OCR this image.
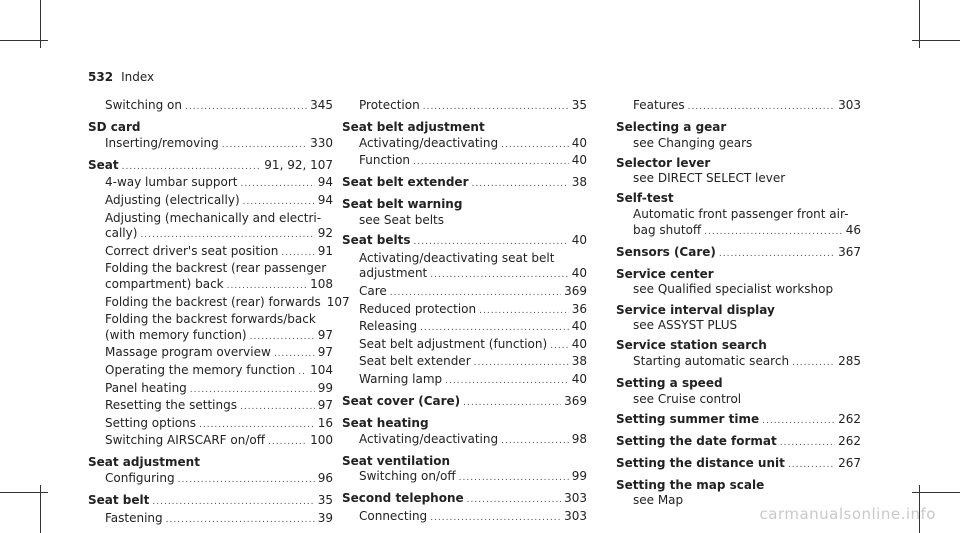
532 Index
Switching on .....	345
SD card
Inserting/removing .....	330
Seat .....	91, 92, 107
4-way lumbar support .....	94
Adjusting (electrically) .....	94
Adjusting (mechanically and electri-
cally) .....	92
Correct driver's seat position .....	91
Folding the backrest (rear passenger
compartment) back .....	108
Folding the backrest (rear) forwards 107
Folding the backrest forwards/back
(with memory function) .....	97
Massage program overview .....	97
Operating the memory function ..... 104
Panel heating .....	99
Resetting the settings .....	97
Setting options .....	16
Switching AIRSCARF on/off .....	100
Seat adjustment
Configuring .....	96
Seat belt .....	35
Fastening .....	39
Protection .....	35
Seat belt adjustment
Activating/deactivating .....	40
Function .....	40
Seat belt extender .....	38
Seat belt warning
see Seat belts
Seat belts .....	40
Activating/deactivating seat belt
adjustment .....	40
Care .....	369
Reduced protection .....	36
Releasing .....	40
Seat belt adjustment (function) ..... 40
Seat belt extender .....	38
Warning lamp .....	40
Seat cover (Care) .....	369
Seat heating
Activating/deactivating .....	98
Seat ventilation
Switching on/off .....	99
Second telephone .....	303
Connecting .....	303
Features .....	303
Selecting a gear
see Changing gears
Selector lever
see DIRECT SELECT lever
Self-test
Automatic front passenger front air-
bag shutoff .....	46
Sensors (Care) .....	367
Service center
see Qualified specialist workshop
Service interval display
see ASSYST PLUS
Service station search
Starting automatic search .....	285
Setting a speed
see Cruise control
Setting summer time .....	262
Setting the date format .....	262
Setting the distance unit .....	267
Setting the map scale
see Map
carmanualsonline.info
